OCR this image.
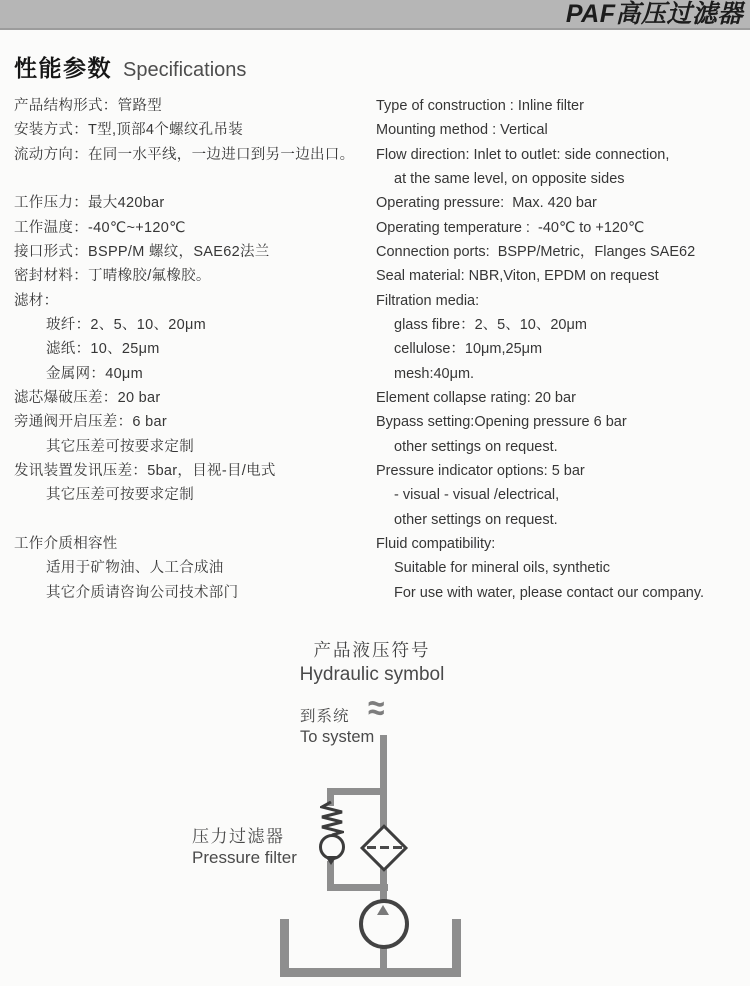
PAF高压过滤器
性能参数 Specifications
产品结构形式：管路型	Type of construction : Inline filter
安装方式：T型,顶部4个螺纹孔吊装	Mounting method : Vertical
流动方向：在同一水平线，一边进口到另一边出口。	Flow direction: Inlet to outlet: side connection,
at the same level, on opposite sides
工作压力：最大420bar	Operating pressure:  Max. 420 bar
工作温度：-40℃~+120℃	Operating temperature :  -40℃ to +120℃
接口形式：BSPP/M 螺纹，SAE62法兰	Connection ports:  BSPP/Metric，Flanges SAE62
密封材料：丁晴橡胶/氟橡胶。	Seal material: NBR,Viton, EPDM on request
滤材：	Filtration media:
玻纤：2、5、10、20μm	glass fibre：2、5、10、20μm
滤纸：10、25μm	cellulose：10μm,25μm
金属网：40μm	mesh:40μm.
滤芯爆破压差：20 bar	Element collapse rating: 20 bar
旁通阀开启压差：6 bar	Bypass setting:Opening pressure 6 bar
其它压差可按要求定制	other settings on request.
发讯装置发讯压差：5bar，目视-目/电式	Pressure indicator options: 5 bar
其它压差可按要求定制	- visual - visual /electrical,
other settings on request.
工作介质相容性	Fluid compatibility:
适用于矿物油、人工合成油	Suitable for mineral oils, synthetic
其它介质请咨询公司技术部门	For use with water, please contact our company.
产品液压符号
Hydraulic symbol
≈
到系统
To system
压力过滤器
Pressure filter
